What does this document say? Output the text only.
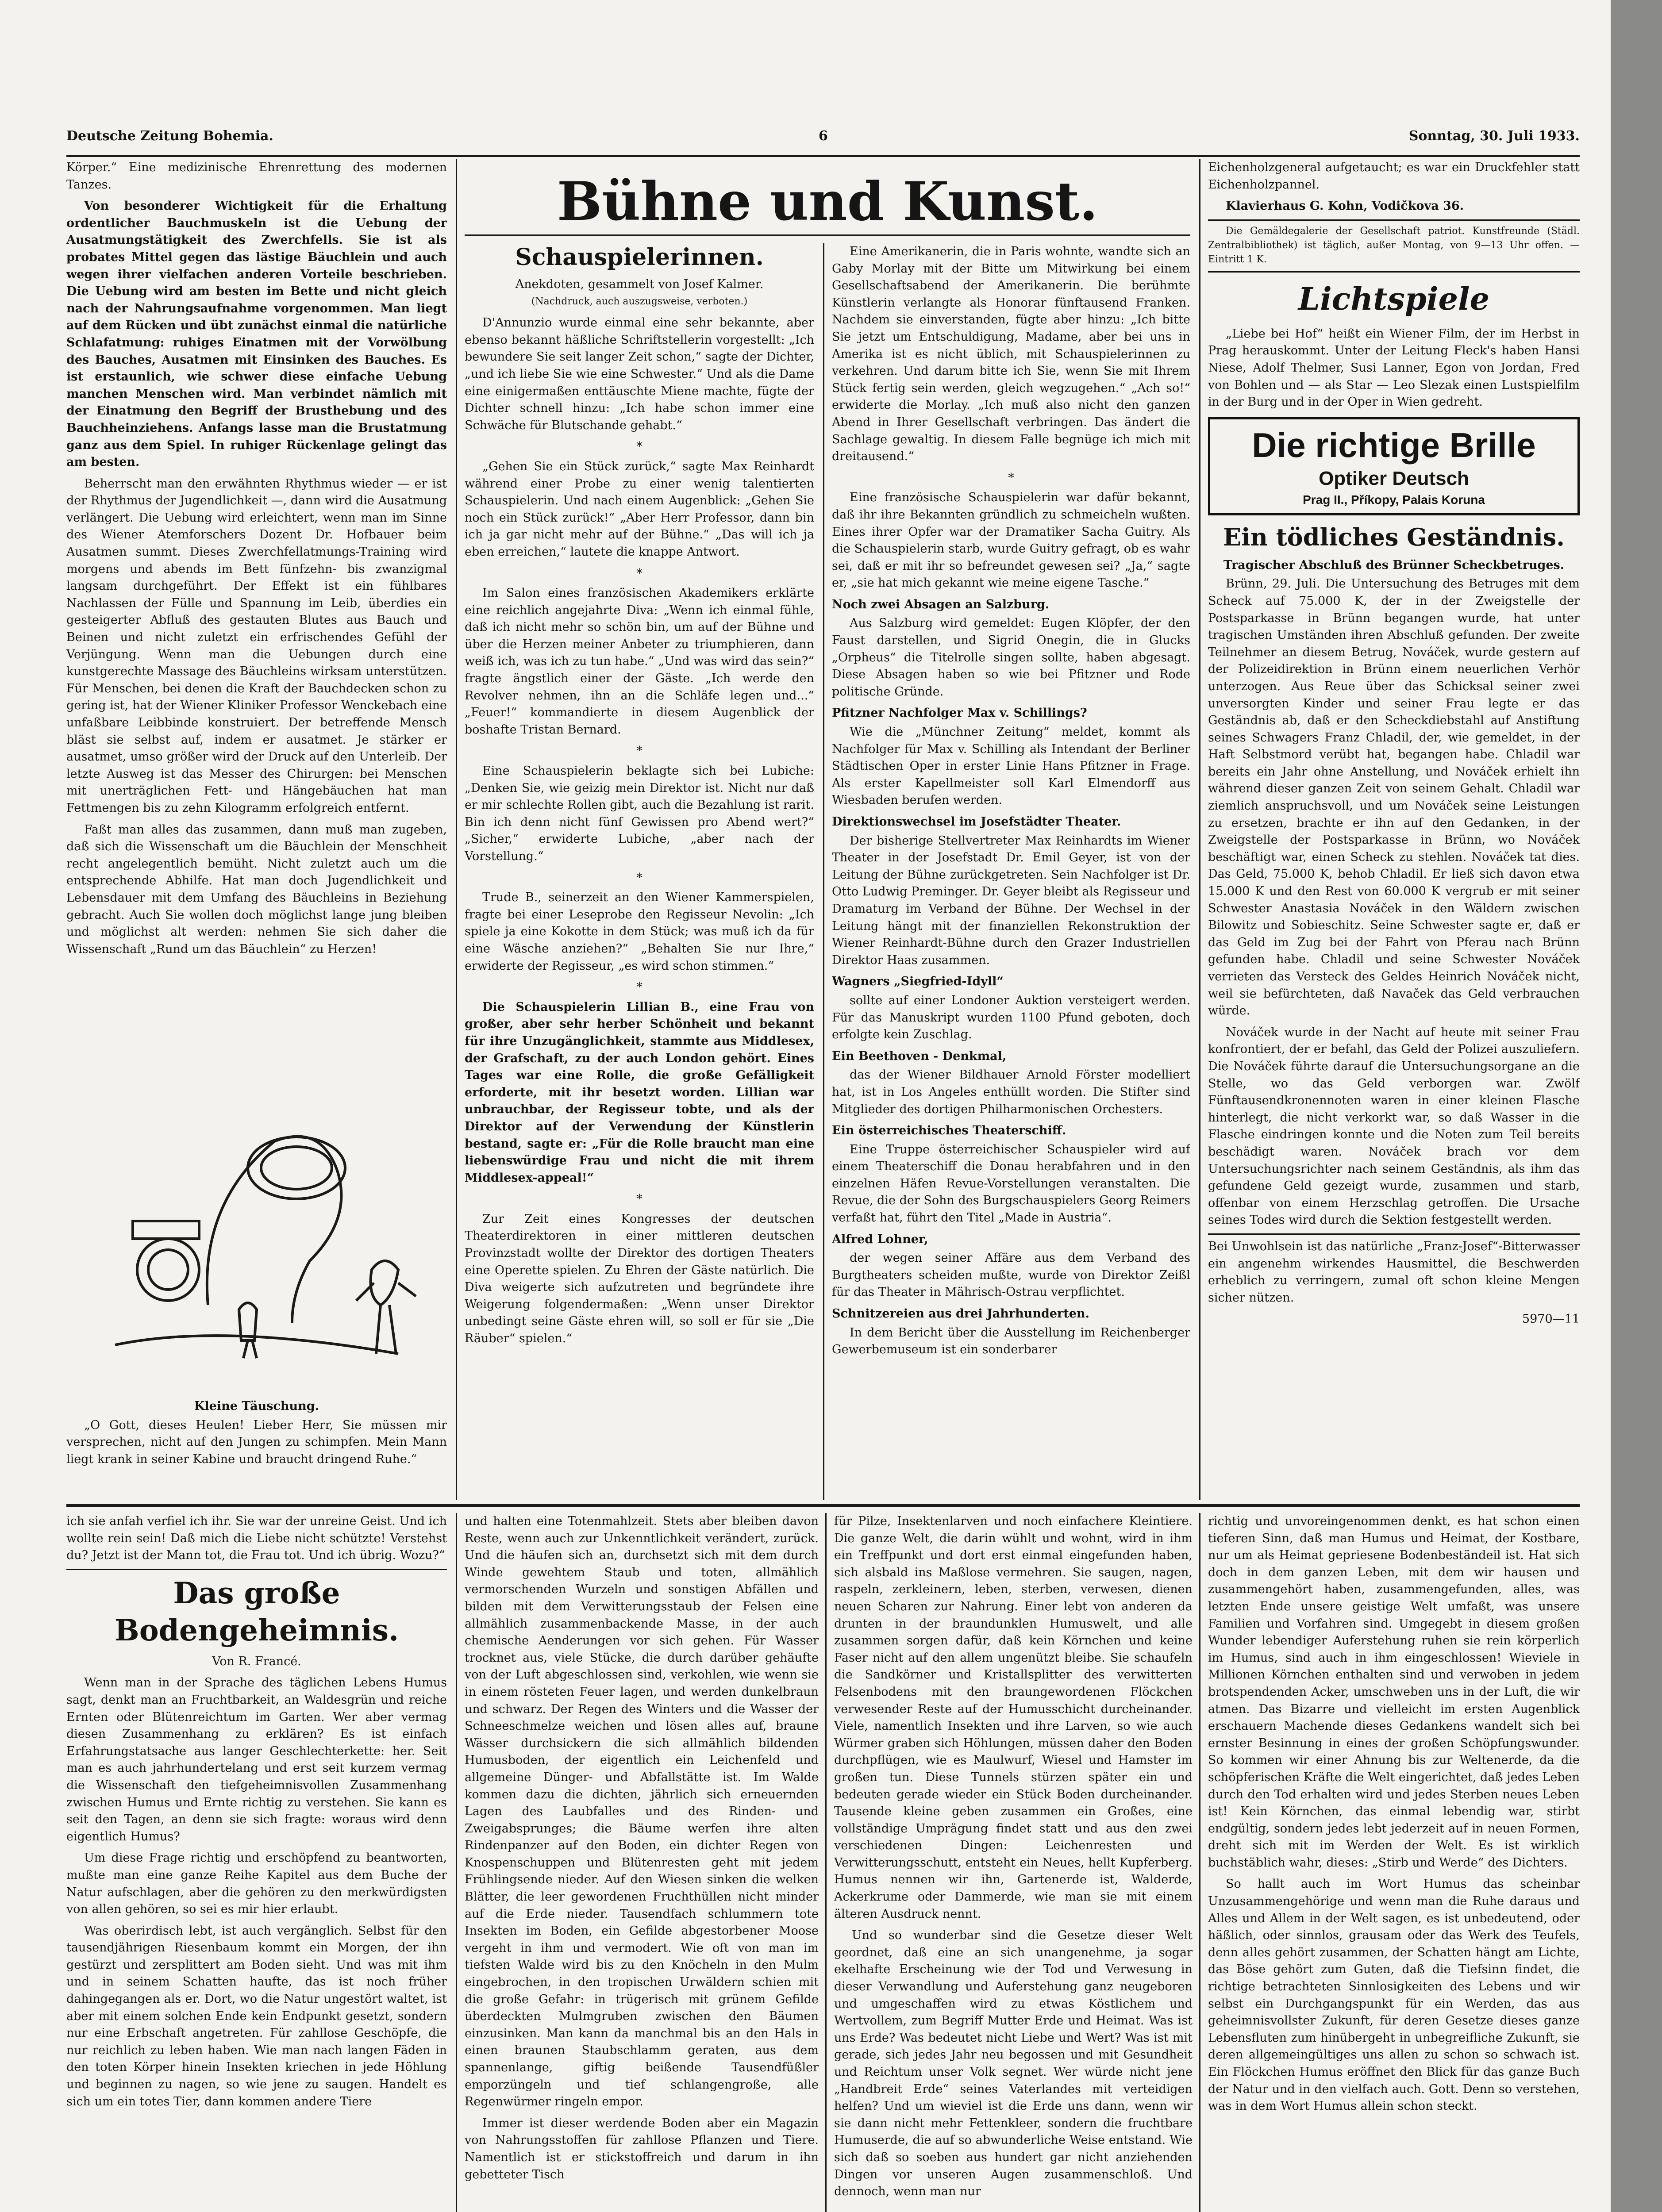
Deutsche Zeitung Bohemia.	6	Sonntag, 30. Juli 1933.

Körper.“ Eine medizinische Ehrenrettung des modernen Tanzes.

Von besonderer Wichtigkeit für die Erhaltung ordentlicher Bauchmuskeln ist die Uebung der Ausatmungstätigkeit des Zwerchfells. Sie ist als probates Mittel gegen das lästige Bäuchlein und auch wegen ihrer vielfachen anderen Vorteile beschrieben. Die Uebung wird am besten im Bette und nicht gleich nach der Nahrungsaufnahme vorgenommen. Man liegt auf dem Rücken und übt zunächst einmal die natürliche Schlafatmung: ruhiges Einatmen mit der Vorwölbung des Bauches, Ausatmen mit Einsinken des Bauches. Es ist erstaunlich, wie schwer diese einfache Uebung manchen Menschen wird. Man verbindet nämlich mit der Einatmung den Begriff der Brusthebung und des Bauchheinziehens. Anfangs lasse man die Brustatmung ganz aus dem Spiel. In ruhiger Rückenlage gelingt das am besten.

Beherrscht man den erwähnten Rhythmus wieder — er ist der Rhythmus der Jugendlichkeit —, dann wird die Ausatmung verlängert. Die Uebung wird erleichtert, wenn man im Sinne des Wiener Atemforschers Dozent Dr. Hofbauer beim Ausatmen summt. Dieses Zwerchfellatmungs-Training wird morgens und abends im Bett fünfzehn- bis zwanzigmal langsam durchgeführt. Der Effekt ist ein fühlbares Nachlassen der Fülle und Spannung im Leib, überdies ein gesteigerter Abfluß des gestauten Blutes aus Bauch und Beinen und nicht zuletzt ein erfrischendes Gefühl der Verjüngung. Wenn man die Uebungen durch eine kunstgerechte Massage des Bäuchleins wirksam unterstützen. Für Menschen, bei denen die Kraft der Bauchdecken schon zu gering ist, hat der Wiener Kliniker Professor Wenckebach eine unfaßbare Leibbinde konstruiert. Der betreffende Mensch bläst sie selbst auf, indem er ausatmet. Je stärker er ausatmet, umso größer wird der Druck auf den Unterleib. Der letzte Ausweg ist das Messer des Chirurgen: bei Menschen mit unerträglichen Fett- und Hängebäuchen hat man Fettmengen bis zu zehn Kilogramm erfolgreich entfernt.

Faßt man alles das zusammen, dann muß man zugeben, daß sich die Wissenschaft um die Bäuchlein der Menschheit recht angelegentlich bemüht. Nicht zuletzt auch um die entsprechende Abhilfe. Hat man doch Jugendlichkeit und Lebensdauer mit dem Umfang des Bäuchleins in Beziehung gebracht. Auch Sie wollen doch möglichst lange jung bleiben und möglichst alt werden: nehmen Sie sich daher die Wissenschaft „Rund um das Bäuchlein“ zu Herzen!

Kleine Täuschung.

„O Gott, dieses Heulen! Lieber Herr, Sie müssen mir versprechen, nicht auf den Jungen zu schimpfen. Mein Mann liegt krank in seiner Kabine und braucht dringend Ruhe.“

Bühne und Kunst.
Schauspielerinnen.
Anekdoten, gesammelt von Josef Kalmer.
(Nachdruck, auch auszugsweise, verboten.)

D'Annunzio wurde einmal eine sehr bekannte, aber ebenso bekannt häßliche Schriftstellerin vorgestellt: „Ich bewundere Sie seit langer Zeit schon,“ sagte der Dichter, „und ich liebe Sie wie eine Schwester.“ Und als die Dame eine einigermaßen enttäuschte Miene machte, fügte der Dichter schnell hinzu: „Ich habe schon immer eine Schwäche für Blutschande gehabt.“

*

„Gehen Sie ein Stück zurück,“ sagte Max Reinhardt während einer Probe zu einer wenig talentierten Schauspielerin. Und nach einem Augenblick: „Gehen Sie noch ein Stück zurück!“ „Aber Herr Professor, dann bin ich ja gar nicht mehr auf der Bühne.“ „Das will ich ja eben erreichen,“ lautete die knappe Antwort.

*

Im Salon eines französischen Akademikers erklärte eine reichlich angejahrte Diva: „Wenn ich einmal fühle, daß ich nicht mehr so schön bin, um auf der Bühne und über die Herzen meiner Anbeter zu triumphieren, dann weiß ich, was ich zu tun habe.“ „Und was wird das sein?“ fragte ängstlich einer der Gäste. „Ich werde den Revolver nehmen, ihn an die Schläfe legen und...“ „Feuer!“ kommandierte in diesem Augenblick der boshafte Tristan Bernard.

*

Eine Schauspielerin beklagte sich bei Lubiche: „Denken Sie, wie geizig mein Direktor ist. Nicht nur daß er mir schlechte Rollen gibt, auch die Bezahlung ist rarit. Bin ich denn nicht fünf Gewissen pro Abend wert?“ „Sicher,“ erwiderte Lubiche, „aber nach der Vorstellung.“

*

Trude B., seinerzeit an den Wiener Kammerspielen, fragte bei einer Leseprobe den Regisseur Nevolin: „Ich spiele ja eine Kokotte in dem Stück; was muß ich da für eine Wäsche anziehen?“ „Behalten Sie nur Ihre,“ erwiderte der Regisseur, „es wird schon stimmen.“

*

Die Schauspielerin Lillian B., eine Frau von großer, aber sehr herber Schönheit und bekannt für ihre Unzugänglichkeit, stammte aus Middlesex, der Grafschaft, zu der auch London gehört. Eines Tages war eine Rolle, die große Gefälligkeit erforderte, mit ihr besetzt worden. Lillian war unbrauchbar, der Regisseur tobte, und als der Direktor auf der Verwendung der Künstlerin bestand, sagte er: „Für die Rolle braucht man eine liebenswürdige Frau und nicht die mit ihrem Middlesex-appeal!“

*

Zur Zeit eines Kongresses der deutschen Theaterdirektoren in einer mittleren deutschen Provinzstadt wollte der Direktor des dortigen Theaters eine Operette spielen. Zu Ehren der Gäste natürlich. Die Diva weigerte sich aufzutreten und begründete ihre Weigerung folgendermaßen: „Wenn unser Direktor unbedingt seine Gäste ehren will, so soll er für sie „Die Räuber“ spielen.“

Eine Amerikanerin, die in Paris wohnte, wandte sich an Gaby Morlay mit der Bitte um Mitwirkung bei einem Gesellschaftsabend der Amerikanerin. Die berühmte Künstlerin verlangte als Honorar fünftausend Franken. Nachdem sie einverstanden, fügte aber hinzu: „Ich bitte Sie jetzt um Entschuldigung, Madame, aber bei uns in Amerika ist es nicht üblich, mit Schauspielerinnen zu verkehren. Und darum bitte ich Sie, wenn Sie mit Ihrem Stück fertig sein werden, gleich wegzugehen.“ „Ach so!“ erwiderte die Morlay. „Ich muß also nicht den ganzen Abend in Ihrer Gesellschaft verbringen. Das ändert die Sachlage gewaltig. In diesem Falle begnüge ich mich mit dreitausend.“

*

Eine französische Schauspielerin war dafür bekannt, daß ihr ihre Bekannten gründlich zu schmeicheln wußten. Eines ihrer Opfer war der Dramatiker Sacha Guitry. Als die Schauspielerin starb, wurde Guitry gefragt, ob es wahr sei, daß er mit ihr so befreundet gewesen sei? „Ja,“ sagte er, „sie hat mich gekannt wie meine eigene Tasche.“

Noch zwei Absagen an Salzburg.

Aus Salzburg wird gemeldet: Eugen Klöpfer, der den Faust darstellen, und Sigrid Onegin, die in Glucks „Orpheus“ die Titelrolle singen sollte, haben abgesagt. Diese Absagen haben so wie bei Pfitzner und Rode politische Gründe.

Pfitzner Nachfolger Max v. Schillings?

Wie die „Münchner Zeitung“ meldet, kommt als Nachfolger für Max v. Schilling als Intendant der Berliner Städtischen Oper in erster Linie Hans Pfitzner in Frage. Als erster Kapellmeister soll Karl Elmendorff aus Wiesbaden berufen werden.

Direktionswechsel im Josefstädter Theater.

Der bisherige Stellvertreter Max Reinhardts im Wiener Theater in der Josefstadt Dr. Emil Geyer, ist von der Leitung der Bühne zurückgetreten. Sein Nachfolger ist Dr. Otto Ludwig Preminger. Dr. Geyer bleibt als Regisseur und Dramaturg im Verband der Bühne. Der Wechsel in der Leitung hängt mit der finanziellen Rekonstruktion der Wiener Reinhardt-Bühne durch den Grazer Industriellen Direktor Haas zusammen.

Wagners „Siegfried-Idyll“

sollte auf einer Londoner Auktion versteigert werden. Für das Manuskript wurden 1100 Pfund geboten, doch erfolgte kein Zuschlag.

Ein Beethoven - Denkmal,

das der Wiener Bildhauer Arnold Förster modelliert hat, ist in Los Angeles enthüllt worden. Die Stifter sind Mitglieder des dortigen Philharmonischen Orchesters.

Ein österreichisches Theaterschiff.

Eine Truppe österreichischer Schauspieler wird auf einem Theaterschiff die Donau herabfahren und in den einzelnen Häfen Revue-Vorstellungen veranstalten. Die Revue, die der Sohn des Burgschauspielers Georg Reimers verfaßt hat, führt den Titel „Made in Austria“.

Alfred Lohner,

der wegen seiner Affäre aus dem Verband des Burgtheaters scheiden mußte, wurde von Direktor Zeißl für das Theater in Mährisch-Ostrau verpflichtet.

Schnitzereien aus drei Jahrhunderten.

In dem Bericht über die Ausstellung im Reichenberger Gewerbemuseum ist ein sonderbarer

Eichenholzgeneral aufgetaucht; es war ein Druckfehler statt Eichenholzpannel.

Klavierhaus G. Kohn, Vodičkova 36.

Die Gemäldegalerie der Gesellschaft patriot. Kunstfreunde (Städl. Zentralbibliothek) ist täglich, außer Montag, von 9—13 Uhr offen. — Eintritt 1 K.

Lichtspiele

„Liebe bei Hof“ heißt ein Wiener Film, der im Herbst in Prag herauskommt. Unter der Leitung Fleck's haben Hansi Niese, Adolf Thelmer, Susi Lanner, Egon von Jordan, Fred von Bohlen und — als Star — Leo Slezak einen Lustspielfilm in der Burg und in der Oper in Wien gedreht.

Die richtige Brille
Optiker Deutsch
Prag II., Příkopy, Palais Koruna
Ein tödliches Geständnis.
Tragischer Abschluß des Brünner Scheckbetruges.

Brünn, 29. Juli. Die Untersuchung des Betruges mit dem Scheck auf 75.000 K, der in der Zweigstelle der Postsparkasse in Brünn begangen wurde, hat unter tragischen Umständen ihren Abschluß gefunden. Der zweite Teilnehmer an diesem Betrug, Nováček, wurde gestern auf der Polizeidirektion in Brünn einem neuerlichen Verhör unterzogen. Aus Reue über das Schicksal seiner zwei unversorgten Kinder und seiner Frau legte er das Geständnis ab, daß er den Scheckdiebstahl auf Anstiftung seines Schwagers Franz Chladil, der, wie gemeldet, in der Haft Selbstmord verübt hat, begangen habe. Chladil war bereits ein Jahr ohne Anstellung, und Nováček erhielt ihn während dieser ganzen Zeit von seinem Gehalt. Chladil war ziemlich anspruchsvoll, und um Nováček seine Leistungen zu ersetzen, brachte er ihn auf den Gedanken, in der Zweigstelle der Postsparkasse in Brünn, wo Nováček beschäftigt war, einen Scheck zu stehlen. Nováček tat dies. Das Geld, 75.000 K, behob Chladil. Er ließ sich davon etwa 15.000 K und den Rest von 60.000 K vergrub er mit seiner Schwester Anastasia Nováček in den Wäldern zwischen Bilowitz und Sobieschitz. Seine Schwester sagte er, daß er das Geld im Zug bei der Fahrt von Pferau nach Brünn gefunden habe. Chladil und seine Schwester Nováček verrieten das Versteck des Geldes Heinrich Nováček nicht, weil sie befürchteten, daß Navaček das Geld verbrauchen würde.

Nováček wurde in der Nacht auf heute mit seiner Frau konfrontiert, der er befahl, das Geld der Polizei auszuliefern. Die Nováček führte darauf die Untersuchungsorgane an die Stelle, wo das Geld verborgen war. Zwölf Fünftausendkronennoten waren in einer kleinen Flasche hinterlegt, die nicht verkorkt war, so daß Wasser in die Flasche eindringen konnte und die Noten zum Teil bereits beschädigt waren. Nováček brach vor dem Untersuchungsrichter nach seinem Geständnis, als ihm das gefundene Geld gezeigt wurde, zusammen und starb, offenbar von einem Herzschlag getroffen. Die Ursache seines Todes wird durch die Sektion festgestellt werden.

Bei Unwohlsein ist das natürliche „Franz-Josef“-Bitterwasser ein angenehm wirkendes Hausmittel, die Beschwerden erheblich zu verringern, zumal oft schon kleine Mengen sicher nützen.

5970—11

ich sie anfah verfiel ich ihr. Sie war der unreine Geist. Und ich wollte rein sein! Daß mich die Liebe nicht schützte! Verstehst du? Jetzt ist der Mann tot, die Frau tot. Und ich übrig. Wozu?“

Das große Bodengeheimnis.
Von R. Francé.

Wenn man in der Sprache des täglichen Lebens Humus sagt, denkt man an Fruchtbarkeit, an Waldesgrün und reiche Ernten oder Blütenreichtum im Garten. Wer aber vermag diesen Zusammenhang zu erklären? Es ist einfach Erfahrungstatsache aus langer Geschlechterkette: her. Seit man es auch jahrhundertelang und erst seit kurzem vermag die Wissenschaft den tiefgeheimnisvollen Zusammenhang zwischen Humus und Ernte richtig zu verstehen. Sie kann es seit den Tagen, an denn sie sich fragte: woraus wird denn eigentlich Humus?

Um diese Frage richtig und erschöpfend zu beantworten, mußte man eine ganze Reihe Kapitel aus dem Buche der Natur aufschlagen, aber die gehören zu den merkwürdigsten von allen gehören, so sei es mir hier erlaubt.

Was oberirdisch lebt, ist auch vergänglich. Selbst für den tausendjährigen Riesenbaum kommt ein Morgen, der ihn gestürzt und zersplittert am Boden sieht. Und was mit ihm und in seinem Schatten haufte, das ist noch früher dahingegangen als er. Dort, wo die Natur ungestört waltet, ist aber mit einem solchen Ende kein Endpunkt gesetzt, sondern nur eine Erbschaft angetreten. Für zahllose Geschöpfe, die nur reichlich zu leben haben. Wie man nach langen Fäden in den toten Körper hinein Insekten kriechen in jede Höhlung und beginnen zu nagen, so wie jene zu saugen. Handelt es sich um ein totes Tier, dann kommen andere Tiere

und halten eine Totenmahlzeit. Stets aber bleiben davon Reste, wenn auch zur Unkenntlichkeit verändert, zurück. Und die häufen sich an, durchsetzt sich mit dem durch Winde gewehtem Staub und toten, allmählich vermorschenden Wurzeln und sonstigen Abfällen und bilden mit dem Verwitterungsstaub der Felsen eine allmählich zusammenbackende Masse, in der auch chemische Aenderungen vor sich gehen. Für Wasser trocknet aus, viele Stücke, die durch darüber gehäufte von der Luft abgeschlossen sind, verkohlen, wie wenn sie in einem rösteten Feuer lagen, und werden dunkelbraun und schwarz. Der Regen des Winters und die Wasser der Schneeschmelze weichen und lösen alles auf, braune Wässer durchsickern die sich allmählich bildenden Humusboden, der eigentlich ein Leichenfeld und allgemeine Dünger- und Abfallstätte ist. Im Walde kommen dazu die dichten, jährlich sich erneuernden Lagen des Laubfalles und des Rinden- und Zweigabsprunges; die Bäume werfen ihre alten Rindenpanzer auf den Boden, ein dichter Regen von Knospenschuppen und Blütenresten geht mit jedem Frühlingsende nieder. Auf den Wiesen sinken die welken Blätter, die leer gewordenen Fruchthüllen nicht minder auf die Erde nieder. Tausendfach schlummern tote Insekten im Boden, ein Gefilde abgestorbener Moose vergeht in ihm und vermodert. Wie oft von man im tiefsten Walde wird bis zu den Knöcheln in den Mulm eingebrochen, in den tropischen Urwäldern schien mit die große Gefahr: in trügerisch mit grünem Gefilde überdeckten Mulmgruben zwischen den Bäumen einzusinken. Man kann da manchmal bis an den Hals in einen braunen Staubschlamm geraten, aus dem spannenlange, giftig beißende Tausendfüßler emporzüngeln und tief schlangengroße, alle Regenwürmer ringeln empor.

Immer ist dieser werdende Boden aber ein Magazin von Nahrungsstoffen für zahllose Pflanzen und Tiere. Namentlich ist er stickstoffreich und darum in ihn gebetteter Tisch

für Pilze, Insektenlarven und noch einfachere Kleintiere. Die ganze Welt, die darin wühlt und wohnt, wird in ihm ein Treffpunkt und dort erst einmal eingefunden haben, sich alsbald ins Maßlose vermehren. Sie saugen, nagen, raspeln, zerkleinern, leben, sterben, verwesen, dienen neuen Scharen zur Nahrung. Einer lebt von anderen da drunten in der braundunklen Humuswelt, und alle zusammen sorgen dafür, daß kein Körnchen und keine Faser nicht auf den allem ungenützt bleibe. Sie schaufeln die Sandkörner und Kristallsplitter des verwitterten Felsenbodens mit den braungewordenen Flöckchen verwesender Reste auf der Humusschicht durcheinander. Viele, namentlich Insekten und ihre Larven, so wie auch Würmer graben sich Höhlungen, müssen daher den Boden durchpflügen, wie es Maulwurf, Wiesel und Hamster im großen tun. Diese Tunnels stürzen später ein und bedeuten gerade wieder ein Stück Boden durcheinander. Tausende kleine geben zusammen ein Großes, eine vollständige Umprägung findet statt und aus den zwei verschiedenen Dingen: Leichenresten und Verwitterungsschutt, entsteht ein Neues, hellt Kupferberg. Humus nennen wir ihn, Gartenerde ist, Walderde, Ackerkrume oder Dammerde, wie man sie mit einem älteren Ausdruck nennt.

Und so wunderbar sind die Gesetze dieser Welt geordnet, daß eine an sich unangenehme, ja sogar ekelhafte Erscheinung wie der Tod und Verwesung in dieser Verwandlung und Auferstehung ganz neugeboren und umgeschaffen wird zu etwas Köstlichem und Wertvollem, zum Begriff Mutter Erde und Heimat. Was ist uns Erde? Was bedeutet nicht Liebe und Wert? Was ist mit gerade, sich jedes Jahr neu begossen und mit Gesundheit und Reichtum unser Volk segnet. Wer würde nicht jene „Handbreit Erde“ seines Vaterlandes mit verteidigen helfen? Und um wieviel ist die Erde uns dann, wenn wir sie dann nicht mehr Fettenkleer, sondern die fruchtbare Humuserde, die auf so abwunderliche Weise entstand. Wie sich daß so soeben aus hundert gar nicht anziehenden Dingen vor unseren Augen zusammenschloß. Und dennoch, wenn man nur

richtig und unvoreingenommen denkt, es hat schon einen tieferen Sinn, daß man Humus und Heimat, der Kostbare, nur um als Heimat gepriesene Bodenbeständeil ist. Hat sich doch in dem ganzen Leben, mit dem wir hausen und zusammengehört haben, zusammengefunden, alles, was letzten Ende unsere geistige Welt umfaßt, was unsere Familien und Vorfahren sind. Umgegebt in diesem großen Wunder lebendiger Auferstehung ruhen sie rein körperlich im Humus, sind auch in ihm eingeschlossen! Wieviele in Millionen Körnchen enthalten sind und verwoben in jedem brotspendenden Acker, umschweben uns in der Luft, die wir atmen. Das Bizarre und vielleicht im ersten Augenblick erschauern Machende dieses Gedankens wandelt sich bei ernster Besinnung in eines der großen Schöpfungswunder. So kommen wir einer Ahnung bis zur Weltenerde, da die schöpferischen Kräfte die Welt eingerichtet, daß jedes Leben durch den Tod erhalten wird und jedes Sterben neues Leben ist! Kein Körnchen, das einmal lebendig war, stirbt endgültig, sondern jedes lebt jederzeit auf in neuen Formen, dreht sich mit im Werden der Welt. Es ist wirklich buchstäblich wahr, dieses: „Stirb und Werde“ des Dichters.

So hallt auch im Wort Humus das scheinbar Unzusammengehörige und wenn man die Ruhe daraus und Alles und Allem in der Welt sagen, es ist unbedeutend, oder häßlich, oder sinnlos, grausam oder das Werk des Teufels, denn alles gehört zusammen, der Schatten hängt am Lichte, das Böse gehört zum Guten, daß die Tiefsinn findet, die richtige betrachteten Sinnlosigkeiten des Lebens und wir selbst ein Durchgangspunkt für ein Werden, das aus geheimnisvollster Zukunft, für deren Gesetze dieses ganze Lebensfluten zum hinübergeht in unbegreifliche Zukunft, sie deren allgemeingültiges uns allen zu schon so schwach ist. Ein Flöckchen Humus eröffnet den Blick für das ganze Buch der Natur und in den vielfach auch. Gott. Denn so verstehen, was in dem Wort Humus allein schon steckt.
